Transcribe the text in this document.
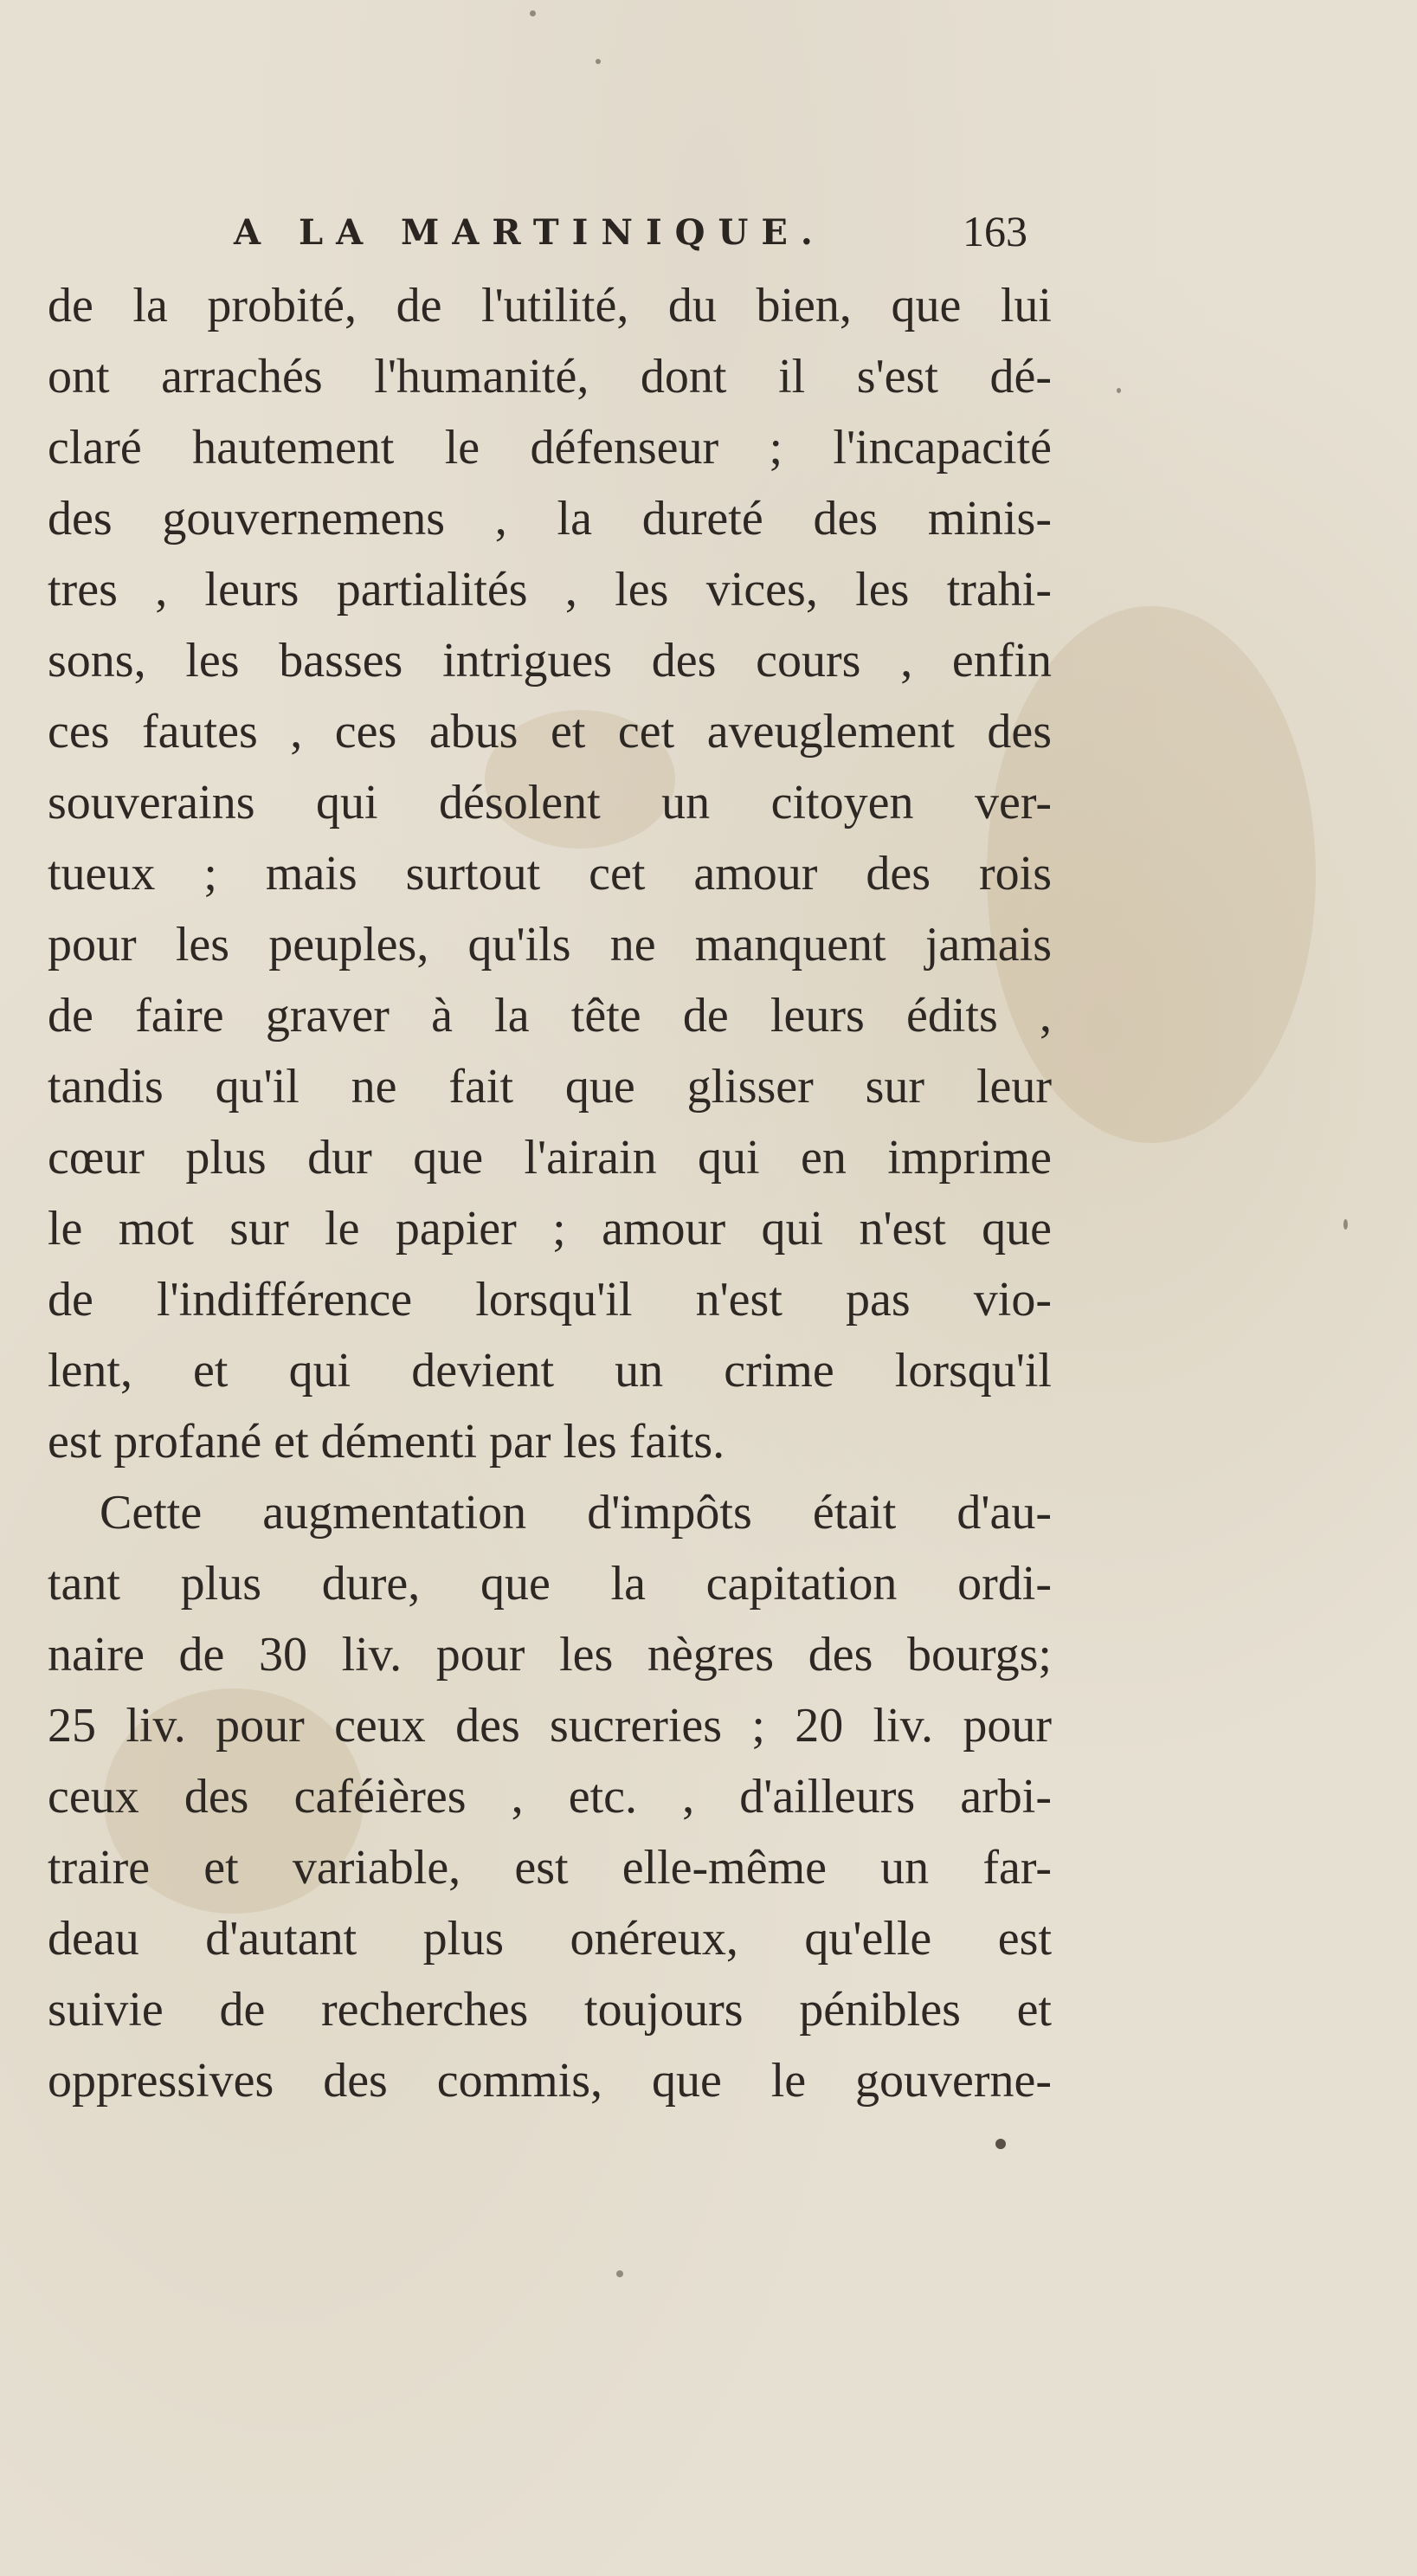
A LA MARTINIQUE.	163
de la probité, de l'utilité, du bien, que lui
ont arrachés l'humanité, dont il s'est dé-
claré hautement le défenseur ; l'incapacité
des gouvernemens , la dureté des minis-
tres , leurs partialités , les vices, les trahi-
sons, les basses intrigues des cours , enfin
ces fautes , ces abus et cet aveuglement des
souverains qui désolent un citoyen ver-
tueux ; mais surtout cet amour des rois
pour les peuples, qu'ils ne manquent jamais
de faire graver à la tête de leurs édits ,
tandis qu'il ne fait que glisser sur leur
cœur plus dur que l'airain qui en imprime
le mot sur le papier ; amour qui n'est que
de l'indifférence lorsqu'il n'est pas vio-
lent, et qui devient un crime lorsqu'il
est profané et démenti par les faits.
Cette augmentation d'impôts était d'au-
tant plus dure, que la capitation ordi-
naire de 30 liv. pour les nègres des bourgs;
25 liv. pour ceux des sucreries ; 20 liv. pour
ceux des caféières , etc. , d'ailleurs arbi-
traire et variable, est elle-même un far-
deau d'autant plus onéreux, qu'elle est
suivie de recherches toujours pénibles et
oppressives des commis, que le gouverne-
